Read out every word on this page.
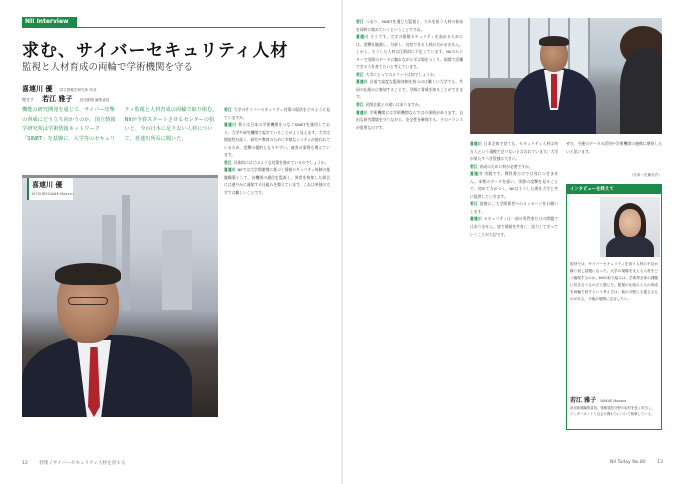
NII Interview
求む、サイバーセキュリティ人材
監視と人材育成の両輪で学術機関を守る
喜連川 優 国立情報学研究所 所長
聞き手 若江 雅子 読売新聞 編集委員
機能の研究開発を通じて、サイバー攻撃の脅威にどう立ち向かうのか。国立情報学研究所は学術情報ネットワーク「SINET」を基盤に、大学等のセキュリティ監視と人材育成の両輪で取り組む。NIIが今春スタートさせるセンターの狙いと、今の日本に足りない人材について、喜連川所長に聞いた。
喜連川 優
KITSUREGAWA Masaru

若江 大学のサイバーセキュリティ対策の現状をどのように見ていますか。

喜連川 我々は日本の学術機関をつなぐSINETを運用しており、大学や研究機関で起きていることがよく見えます。大学は開放性が高く、研究や教育のために多様なシステムが使われているため、攻撃の標的となりやすい。被害の事例も増えています。

若江 具体的にはどのような対策を進めているのでしょうか。

喜連川 NIIでは大学間連携に基づく情報セキュリティ体制の基盤構築として、各機関の通信を監視し、異常を検知した場合には速やかに通知する仕組みを整えています。これは単独の大学では難しいことです。

12 特集 / サイバーセキュリティ人材を育てる

若江 つまり、SINETを通じた監視と、それを担う人材の育成を同時に進めていくということですね。

喜連川 そうです。大学の情報セキュリティを高めるためには、攻撃を観測し、分析し、対処できる人材が欠かせません。しかし、そうした人材は圧倒的に不足しています。NIIのセンターで実際のデータに触れながら学ぶ場をつくり、現場で活躍できる人を育てたいと考えています。

若江 大学にとってのメリットは何でしょうか。

喜連川 自前で高度な監視体制を持つのは難しい大学でも、共同の仕組みに参加することで、早期に脅威を知ることができます。

若江 民間企業との違いはありますか。

喜連川 学術機関には学術機関ならではの事情があります。自由な研究環境を守りながら、安全性を確保する。そのバランスが重要なのです。

喜連川 日本全体で見ても、セキュリティ人材は何万人という規模で足りないと言われています。大学が果たすべき役割は大きい。

若江 育成のために何が必要ですか。

喜連川 実践です。教科書だけでは身につきません。本物のデータを扱い、実際の攻撃を見ることで、初めて力がつく。NIIはそうした場を大学と共に提供していきます。

若江 最後に、大学関係者へのメッセージをお願いします。

喜連川 セキュリティは一部の専門家だけの問題ではありません。皆で情報を共有し、協力して守っていくことが大切です。

ぜひ、今後のデータの活用や学術機関の連携に期待したいと思います。
（写真＝佐藤祐介）
インタビューを終えて
取材では、サイバーセキュリティを担う人材の不足が繰り返し話題になった。大学の現場を支える人材をどう確保するのか。NIIの取り組みは、学術界全体の課題に向き合うものだと感じた。監視の仕組みと人の育成を両輪で回すという考え方は、他の分野にも通じるものがある。今後の展開に注目したい。
若江 雅子 WAKAE Masako
読売新聞編集委員。情報通信分野の取材を長く担当し、インターネットと社会の関わりについて執筆している。
NII Today No.80 13
